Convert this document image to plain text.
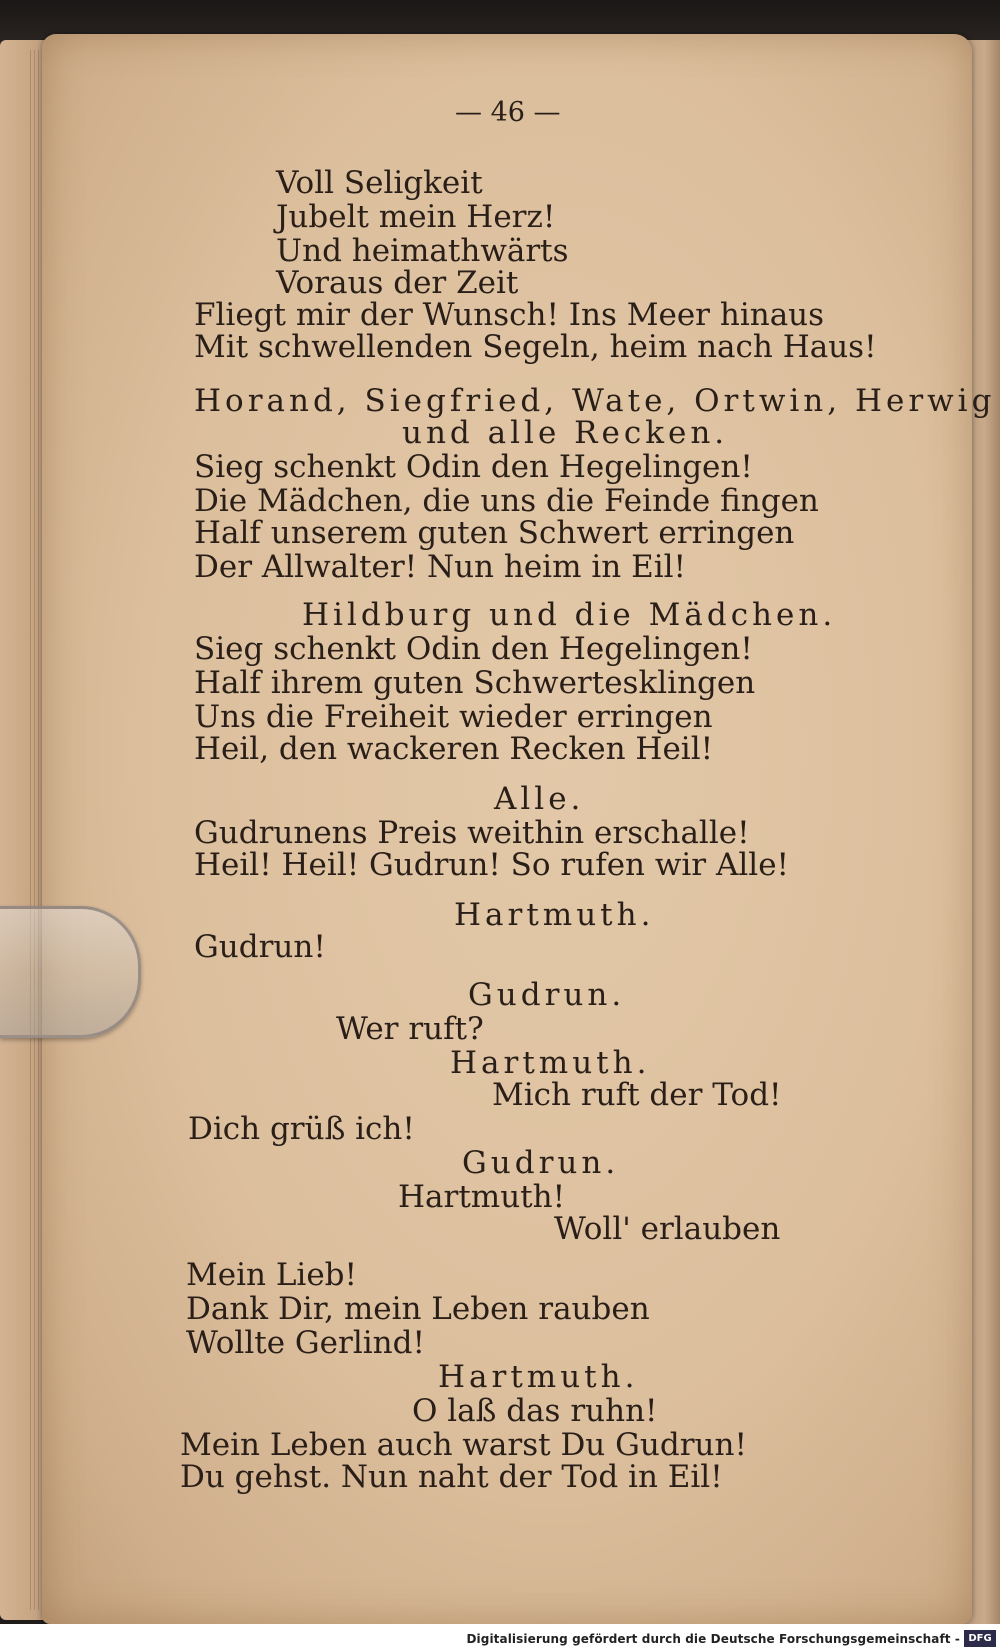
— 46 —
Voll Seligkeit
Jubelt mein Herz!
Und heimathwärts
Voraus der Zeit
Fliegt mir der Wunsch! Ins Meer hinaus
Mit schwellenden Segeln, heim nach Haus!
Horand, Siegfried, Wate, Ortwin, Herwig
und alle Recken.
Sieg schenkt Odin den Hegelingen!
Die Mädchen, die uns die Feinde fingen
Half unserem guten Schwert erringen
Der Allwalter! Nun heim in Eil!
Hildburg und die Mädchen.
Sieg schenkt Odin den Hegelingen!
Half ihrem guten Schwertesklingen
Uns die Freiheit wieder erringen
Heil, den wackeren Recken Heil!
Alle.
Gudrunens Preis weithin erschalle!
Heil! Heil! Gudrun! So rufen wir Alle!
Hartmuth.
Gudrun!
Gudrun.
Wer ruft?
Hartmuth.
Mich ruft der Tod!
Dich grüß ich!
Gudrun.
Hartmuth!
Woll' erlauben
Mein Lieb!
Dank Dir, mein Leben rauben
Wollte Gerlind!
Hartmuth.
O laß das ruhn!
Mein Leben auch warst Du Gudrun!
Du gehst. Nun naht der Tod in Eil!
Digitalisierung gefördert durch die Deutsche Forschungsgemeinschaft - DFG
